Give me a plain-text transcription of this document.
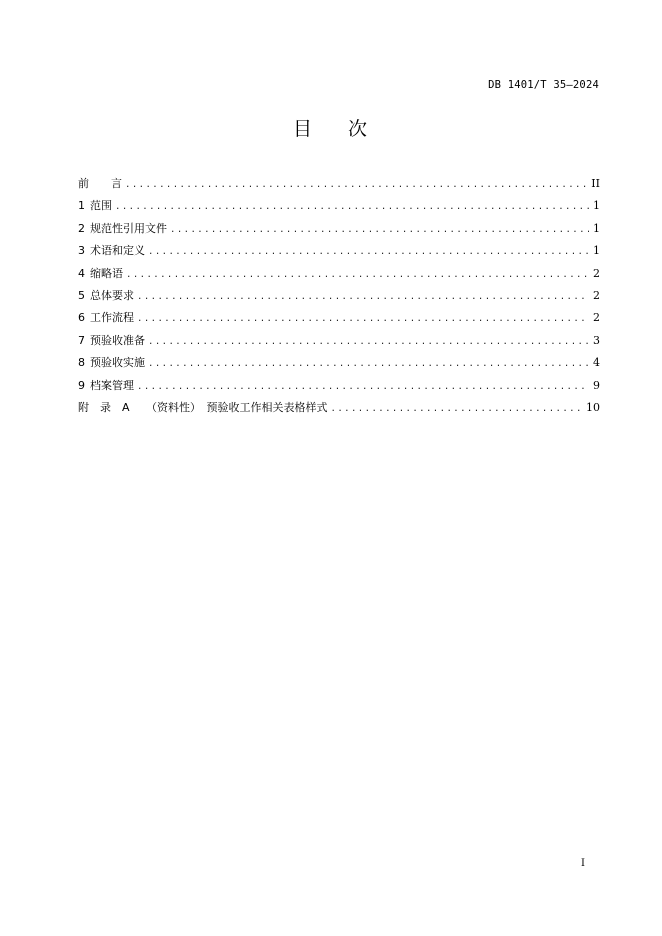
DB 1401/T 35—2024
目 次
前　　言 .....	II
1 范围 .....	1
2 规范性引用文件 .....	1
3 术语和定义 .....	1
4 缩略语 .....	2
5 总体要求 .....	2
6 工作流程 .....	2
7 预验收准备 .....	3
8 预验收实施 .....	4
9 档案管理 .....	9
附　录　A　　（资料性）　预验收工作相关表格样式 .....	10
I
